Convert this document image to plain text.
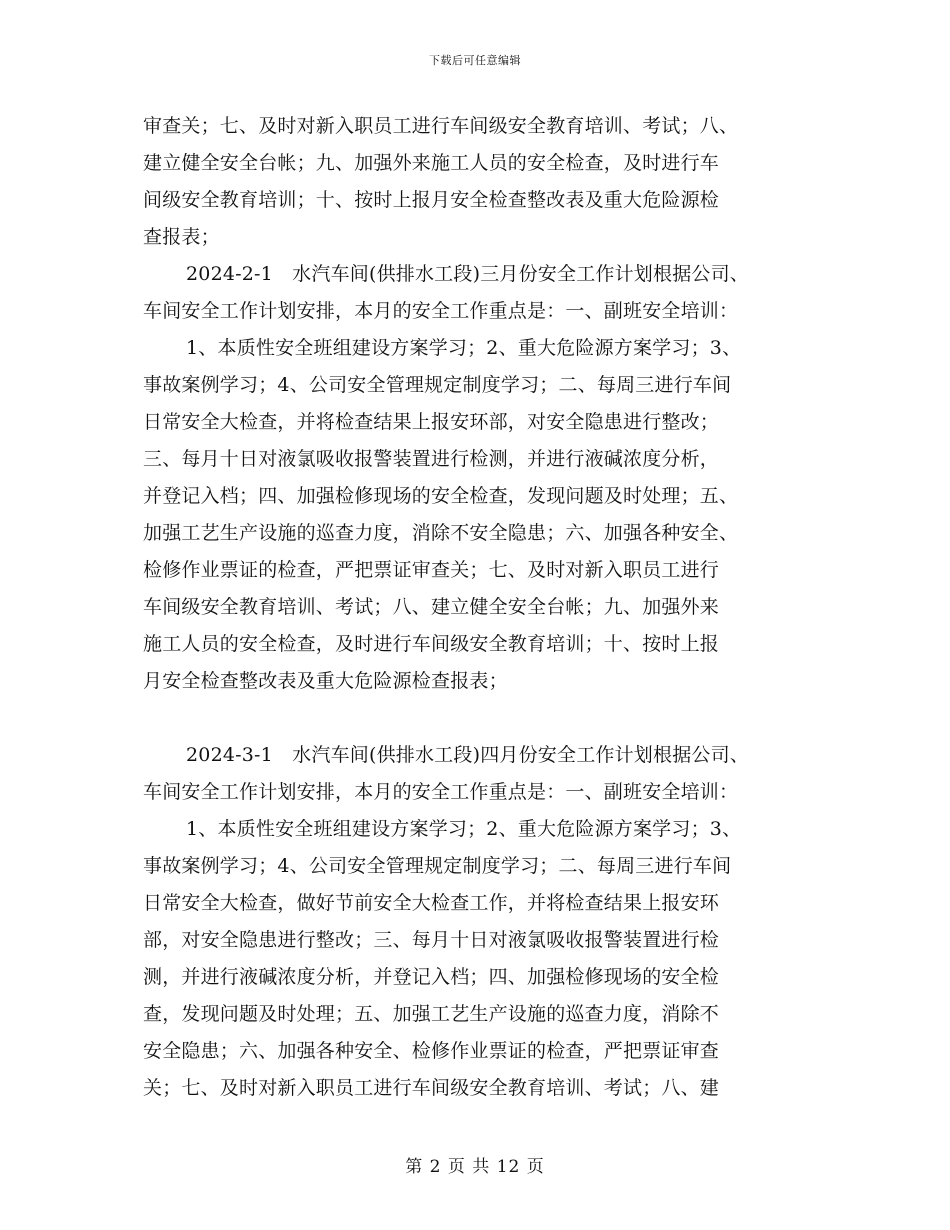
下载后可任意编辑
审查关；七、及时对新入职员工进行车间级安全教育培训、考试；八、
建立健全安全台帐；九、加强外来施工人员的安全检查，及时进行车
间级安全教育培训；十、按时上报月安全检查整改表及重大危险源检
查报表；
2024-2-1　水汽车间(供排水工段)三月份安全工作计划根据公司、
车间安全工作计划安排，本月的安全工作重点是：一、副班安全培训：
1、本质性安全班组建设方案学习；2、重大危险源方案学习；3、
事故案例学习；4、公司安全管理规定制度学习；二、每周三进行车间
日常安全大检查，并将检查结果上报安环部，对安全隐患进行整改；
三、每月十日对液氯吸收报警装置进行检测，并进行液碱浓度分析，
并登记入档；四、加强检修现场的安全检查，发现问题及时处理；五、
加强工艺生产设施的巡查力度，消除不安全隐患；六、加强各种安全、
检修作业票证的检查，严把票证审查关；七、及时对新入职员工进行
车间级安全教育培训、考试；八、建立健全安全台帐；九、加强外来
施工人员的安全检查，及时进行车间级安全教育培训；十、按时上报
月安全检查整改表及重大危险源检查报表；
2024-3-1　水汽车间(供排水工段)四月份安全工作计划根据公司、
车间安全工作计划安排，本月的安全工作重点是：一、副班安全培训：
1、本质性安全班组建设方案学习；2、重大危险源方案学习；3、
事故案例学习；4、公司安全管理规定制度学习；二、每周三进行车间
日常安全大检查，做好节前安全大检查工作，并将检查结果上报安环
部，对安全隐患进行整改；三、每月十日对液氯吸收报警装置进行检
测，并进行液碱浓度分析，并登记入档；四、加强检修现场的安全检
查，发现问题及时处理；五、加强工艺生产设施的巡查力度，消除不
安全隐患；六、加强各种安全、检修作业票证的检查，严把票证审查
关；七、及时对新入职员工进行车间级安全教育培训、考试；八、建
第 2 页 共 12 页
